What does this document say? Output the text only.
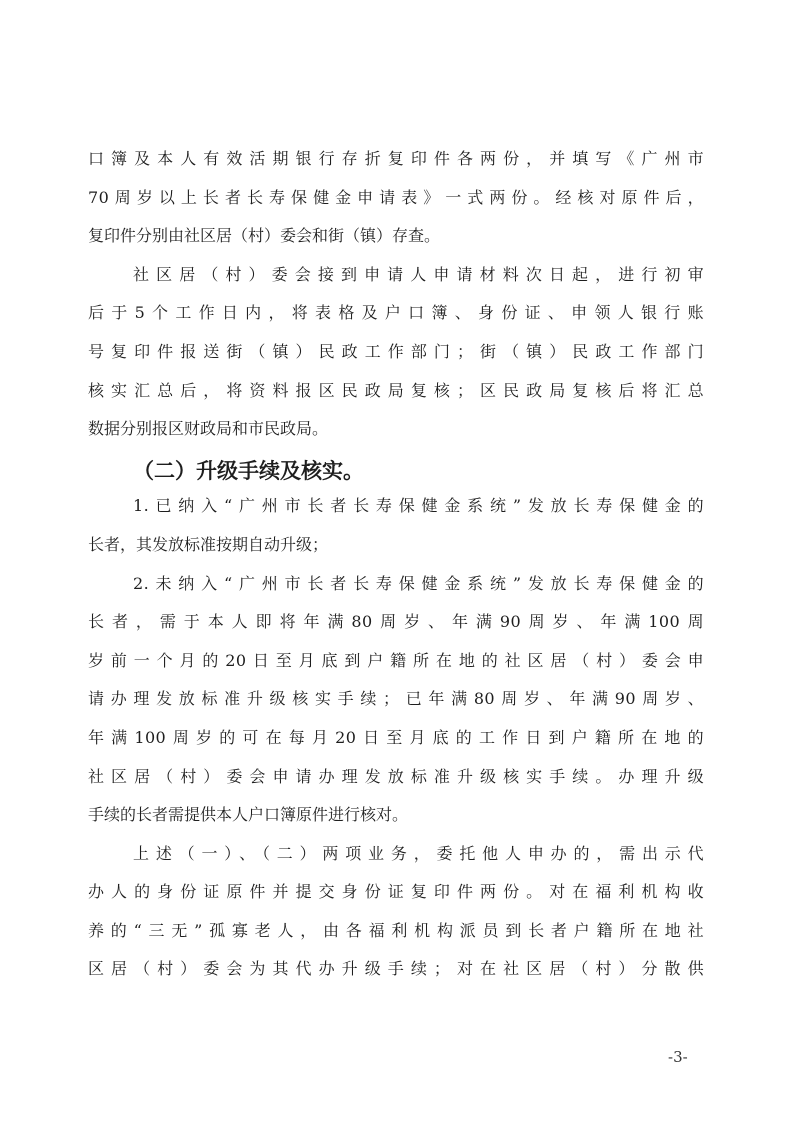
口簿及本人有效活期银行存折复印件各两份，并填写《广州市
70周岁以上长者长寿保健金申请表》一式两份。经核对原件后，
复印件分别由社区居（村）委会和街（镇）存查。
社区居（村）委会接到申请人申请材料次日起，进行初审
后于5个工作日内，将表格及户口簿、身份证、申领人银行账
号复印件报送街（镇）民政工作部门；街（镇）民政工作部门
核实汇总后，将资料报区民政局复核；区民政局复核后将汇总
数据分别报区财政局和市民政局。
（二）升级手续及核实。
1.已纳入“广州市长者长寿保健金系统”发放长寿保健金的
长者，其发放标准按期自动升级；
2.未纳入“广州市长者长寿保健金系统”发放长寿保健金的
长者，需于本人即将年满80周岁、年满90周岁、年满100周
岁前一个月的20日至月底到户籍所在地的社区居（村）委会申
请办理发放标准升级核实手续；已年满80周岁、年满90周岁、
年满100周岁的可在每月20日至月底的工作日到户籍所在地的
社区居（村）委会申请办理发放标准升级核实手续。办理升级
手续的长者需提供本人户口簿原件进行核对。
上述（一）、（二）两项业务，委托他人申办的，需出示代
办人的身份证原件并提交身份证复印件两份。对在福利机构收
养的“三无”孤寡老人，由各福利机构派员到长者户籍所在地社
区居（村）委会为其代办升级手续；对在社区居（村）分散供
-3-
